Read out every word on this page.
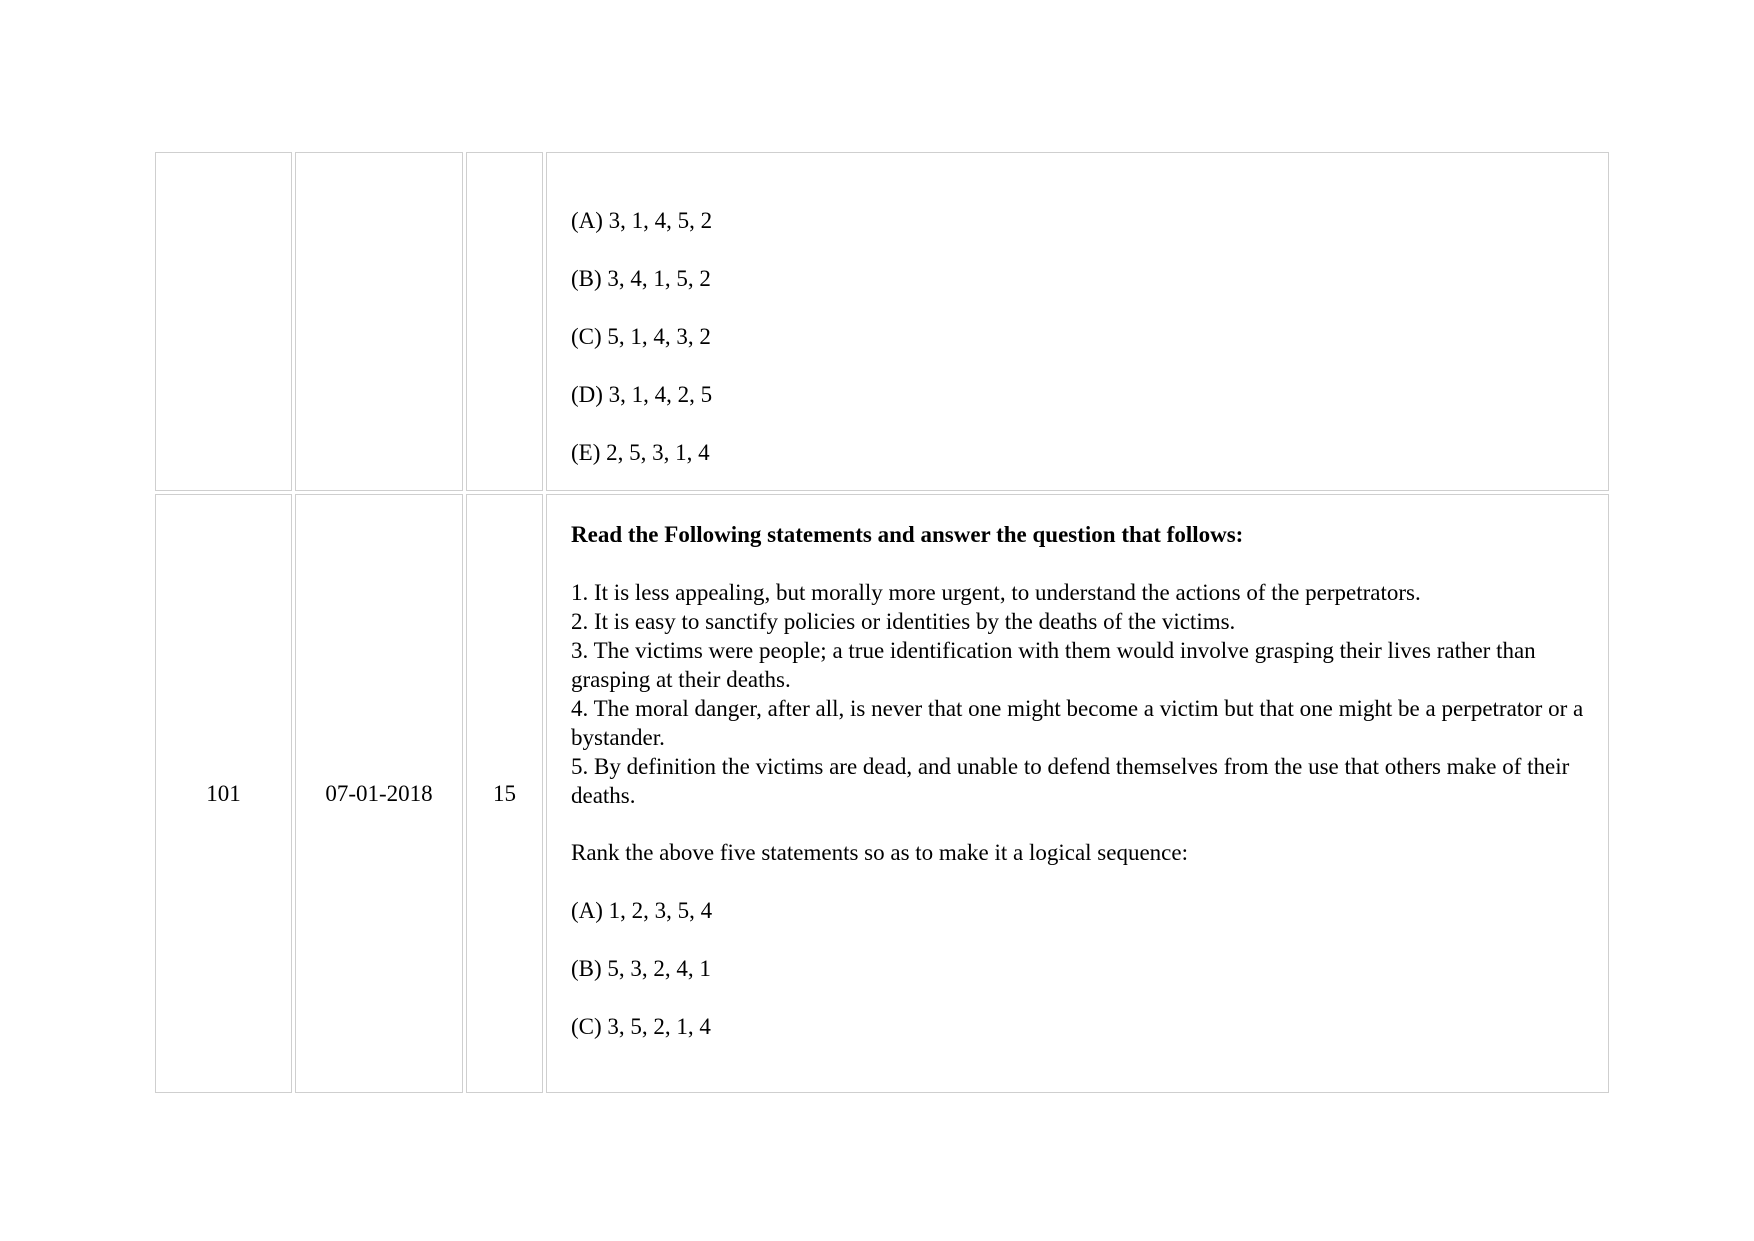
(A) 3, 1, 4, 5, 2
(B) 3, 4, 1, 5, 2
(C) 5, 1, 4, 3, 2
(D) 3, 1, 4, 2, 5
(E) 2, 5, 3, 1, 4
101	07-01-2018	15
Read the Following statements and answer the question that follows:
1. It is less appealing, but morally more urgent, to understand the actions of the perpetrators.
2. It is easy to sanctify policies or identities by the deaths of the victims.
3. The victims were people; a true identification with them would involve grasping their lives rather than grasping at their deaths.
4. The moral danger, after all, is never that one might become a victim but that one might be a perpetrator or a bystander.
5. By definition the victims are dead, and unable to defend themselves from the use that others make of their deaths.
Rank the above five statements so as to make it a logical sequence:
(A) 1, 2, 3, 5, 4
(B) 5, 3, 2, 4, 1
(C) 3, 5, 2, 1, 4
